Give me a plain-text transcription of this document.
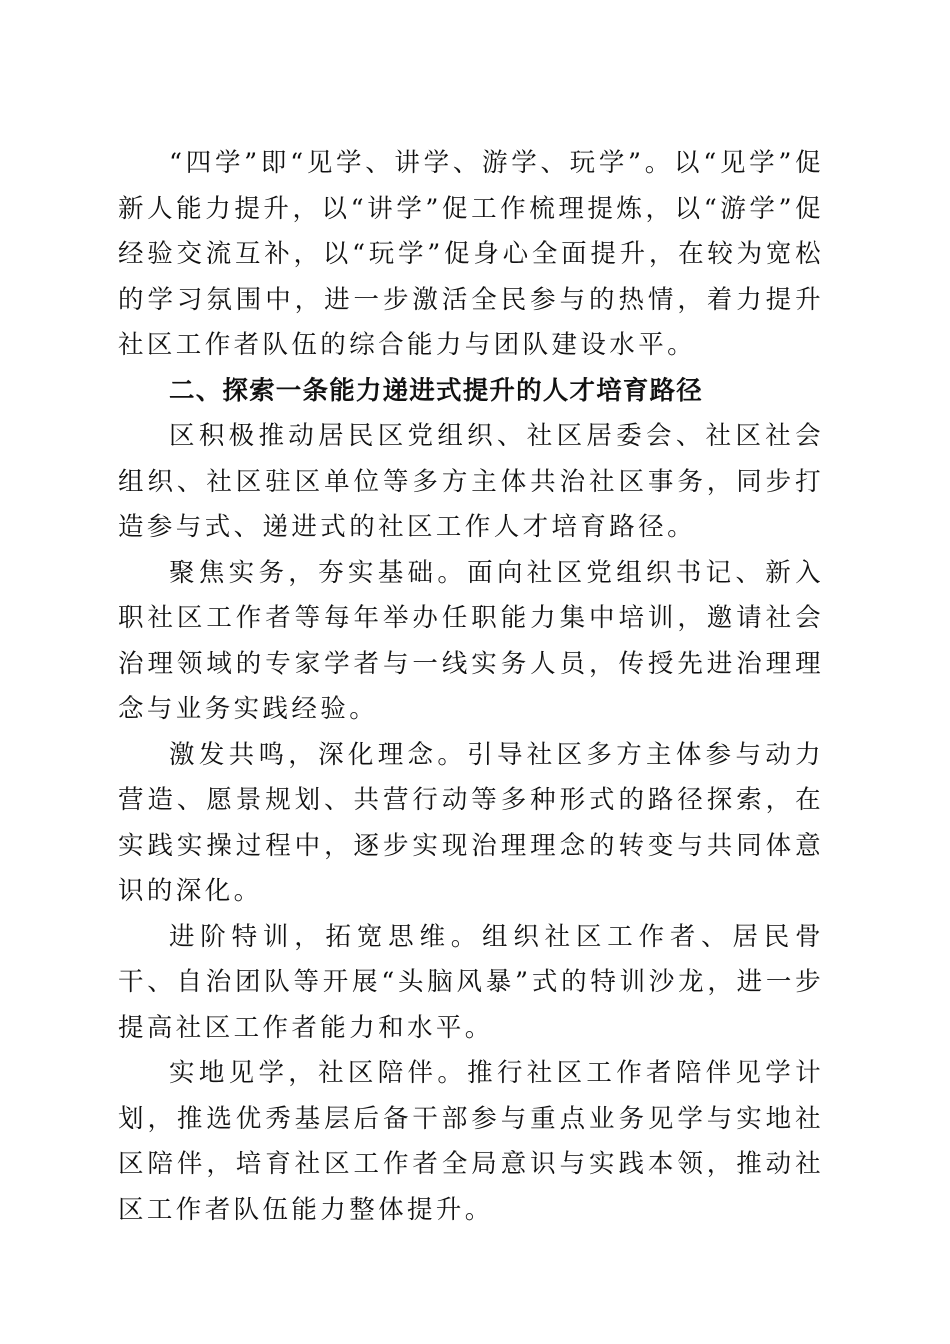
“四学”即“见学、讲学、游学、玩学”。以“见学”促新人能力提升，以“讲学”促工作梳理提炼，以“游学”促经验交流互补，以“玩学”促身心全面提升，在较为宽松的学习氛围中，进一步激活全民参与的热情，着力提升社区工作者队伍的综合能力与团队建设水平。

二、探索一条能力递进式提升的人才培育路径

区积极推动居民区党组织、社区居委会、社区社会组织、社区驻区单位等多方主体共治社区事务，同步打造参与式、递进式的社区工作人才培育路径。

聚焦实务，夯实基础。面向社区党组织书记、新入职社区工作者等每年举办任职能力集中培训，邀请社会治理领域的专家学者与一线实务人员，传授先进治理理念与业务实践经验。

激发共鸣，深化理念。引导社区多方主体参与动力营造、愿景规划、共营行动等多种形式的路径探索，在实践实操过程中，逐步实现治理理念的转变与共同体意识的深化。

进阶特训，拓宽思维。组织社区工作者、居民骨干、自治团队等开展“头脑风暴”式的特训沙龙，进一步提高社区工作者能力和水平。

实地见学，社区陪伴。推行社区工作者陪伴见学计划，推选优秀基层后备干部参与重点业务见学与实地社区陪伴，培育社区工作者全局意识与实践本领，推动社区工作者队伍能力整体提升。
